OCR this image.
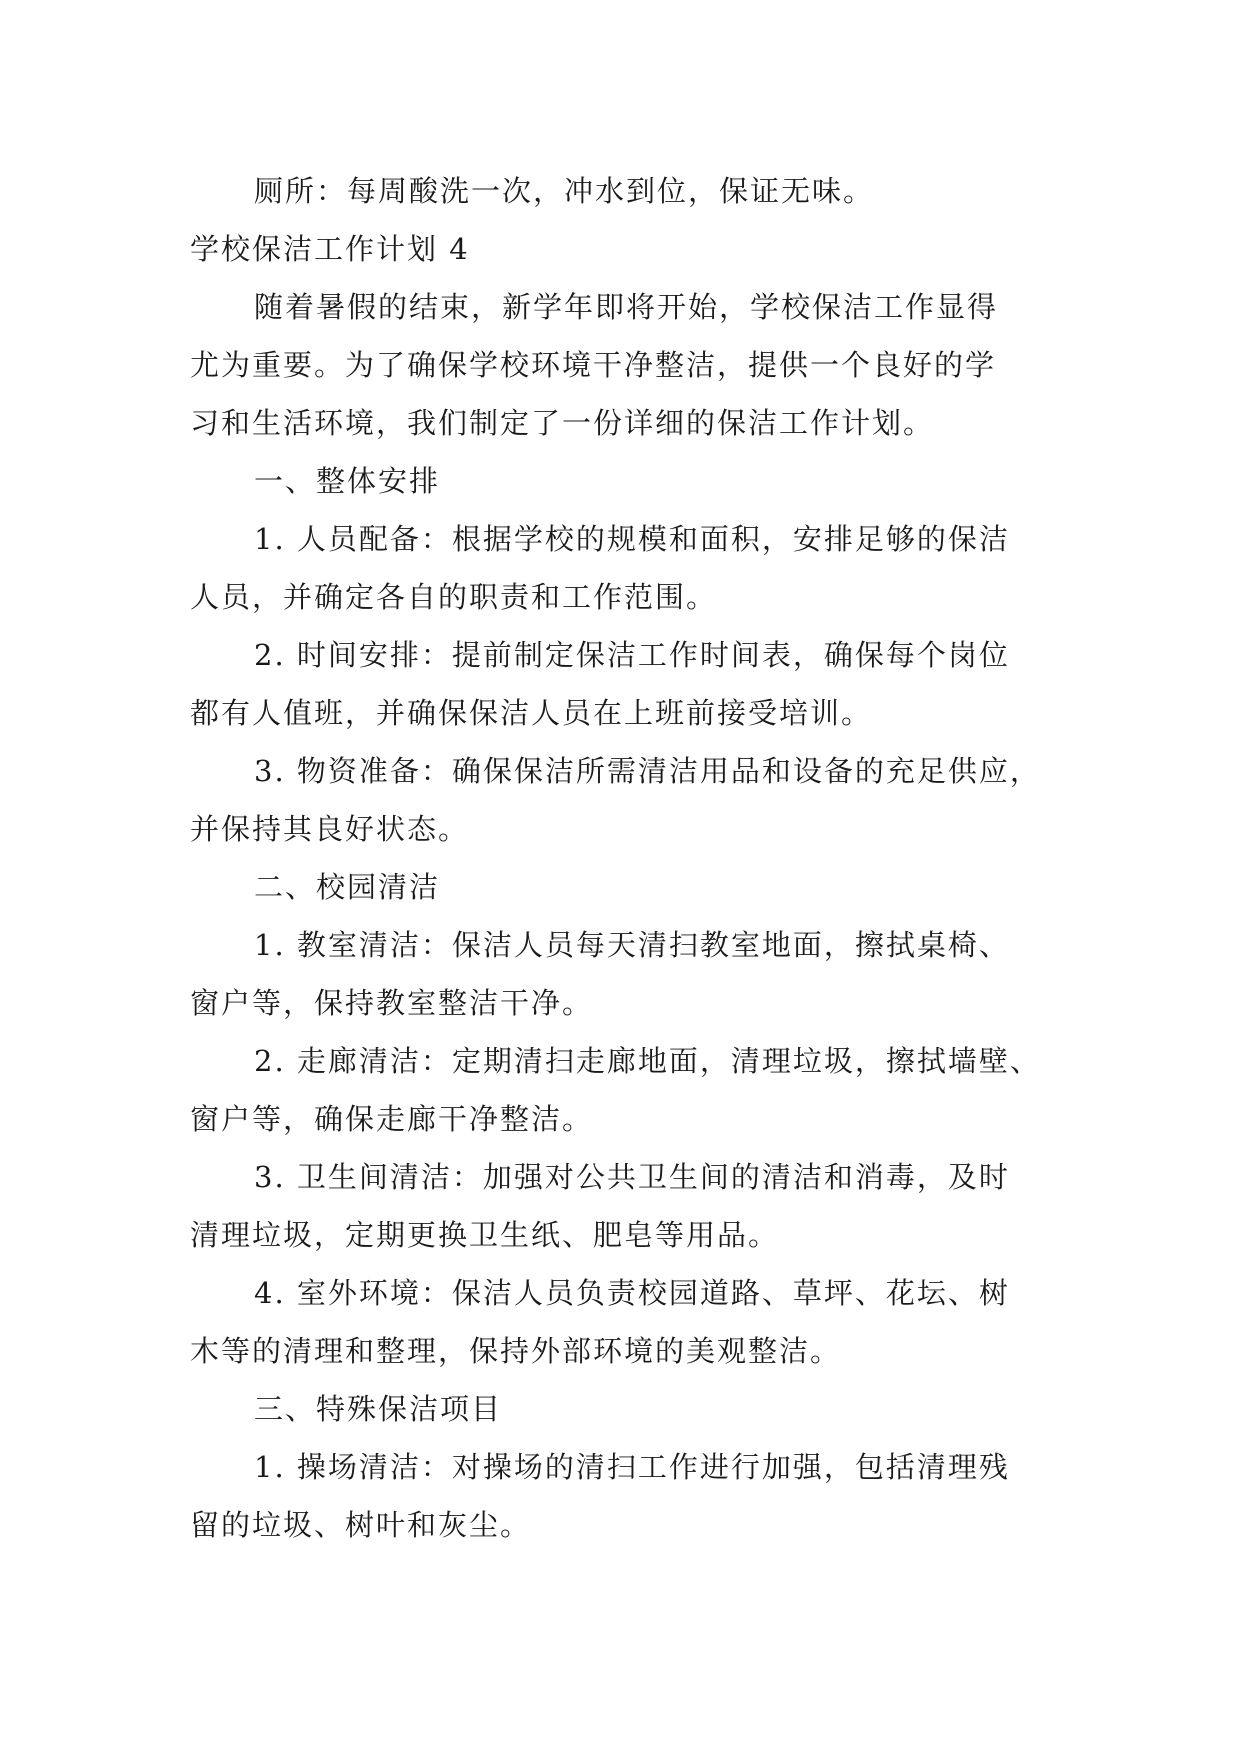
厕所：每周酸洗一次，冲水到位，保证无味。
学校保洁工作计划 4
随着暑假的结束，新学年即将开始，学校保洁工作显得
尤为重要。为了确保学校环境干净整洁，提供一个良好的学
习和生活环境，我们制定了一份详细的保洁工作计划。
一、整体安排
1. 人员配备：根据学校的规模和面积，安排足够的保洁
人员，并确定各自的职责和工作范围。
2. 时间安排：提前制定保洁工作时间表，确保每个岗位
都有人值班，并确保保洁人员在上班前接受培训。
3. 物资准备：确保保洁所需清洁用品和设备的充足供应，
并保持其良好状态。
二、校园清洁
1. 教室清洁：保洁人员每天清扫教室地面，擦拭桌椅、
窗户等，保持教室整洁干净。
2. 走廊清洁：定期清扫走廊地面，清理垃圾，擦拭墙壁、
窗户等，确保走廊干净整洁。
3. 卫生间清洁：加强对公共卫生间的清洁和消毒，及时
清理垃圾，定期更换卫生纸、肥皂等用品。
4. 室外环境：保洁人员负责校园道路、草坪、花坛、树
木等的清理和整理，保持外部环境的美观整洁。
三、特殊保洁项目
1. 操场清洁：对操场的清扫工作进行加强，包括清理残
留的垃圾、树叶和灰尘。
